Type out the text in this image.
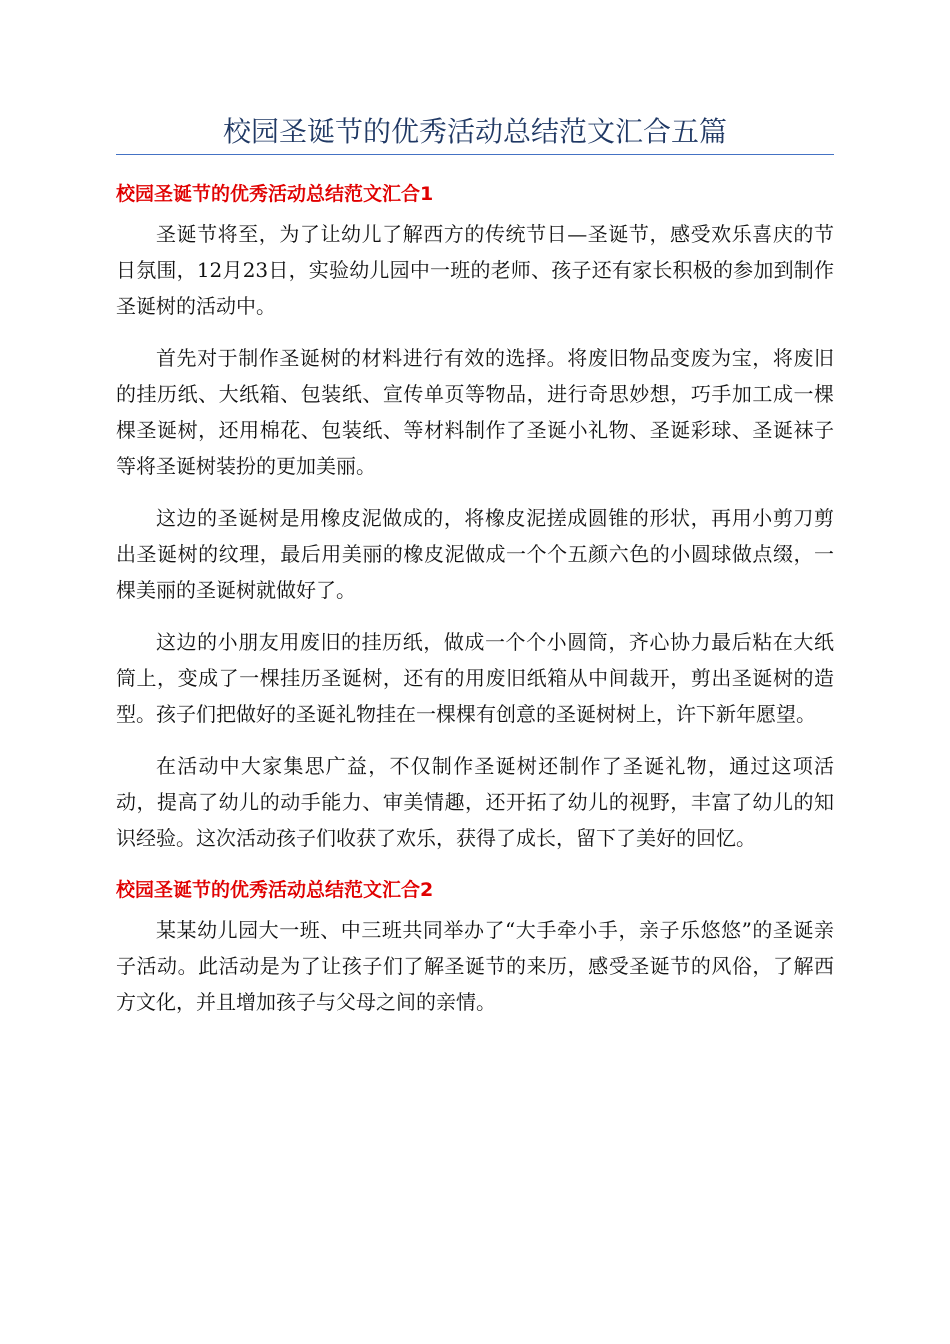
校园圣诞节的优秀活动总结范文汇合五篇
校园圣诞节的优秀活动总结范文汇合1

圣诞节将至，为了让幼儿了解西方的传统节日—圣诞节，感受欢乐喜庆的节日氛围，12月23日，实验幼儿园中一班的老师、孩子还有家长积极的参加到制作圣诞树的活动中。

首先对于制作圣诞树的材料进行有效的选择。将废旧物品变废为宝，将废旧的挂历纸、大纸箱、包装纸、宣传单页等物品，进行奇思妙想，巧手加工成一棵棵圣诞树，还用棉花、包装纸、等材料制作了圣诞小礼物、圣诞彩球、圣诞袜子等将圣诞树装扮的更加美丽。

这边的圣诞树是用橡皮泥做成的，将橡皮泥搓成圆锥的形状，再用小剪刀剪出圣诞树的纹理，最后用美丽的橡皮泥做成一个个五颜六色的小圆球做点缀，一棵美丽的圣诞树就做好了。

这边的小朋友用废旧的挂历纸，做成一个个小圆筒，齐心协力最后粘在大纸筒上，变成了一棵挂历圣诞树，还有的用废旧纸箱从中间裁开，剪出圣诞树的造型。孩子们把做好的圣诞礼物挂在一棵棵有创意的圣诞树树上，许下新年愿望。

在活动中大家集思广益，不仅制作圣诞树还制作了圣诞礼物，通过这项活动，提高了幼儿的动手能力、审美情趣，还开拓了幼儿的视野，丰富了幼儿的知识经验。这次活动孩子们收获了欢乐，获得了成长，留下了美好的回忆。

校园圣诞节的优秀活动总结范文汇合2

某某幼儿园大一班、中三班共同举办了“大手牵小手，亲子乐悠悠”的圣诞亲子活动。此活动是为了让孩子们了解圣诞节的来历，感受圣诞节的风俗，了解西方文化，并且增加孩子与父母之间的亲情。
